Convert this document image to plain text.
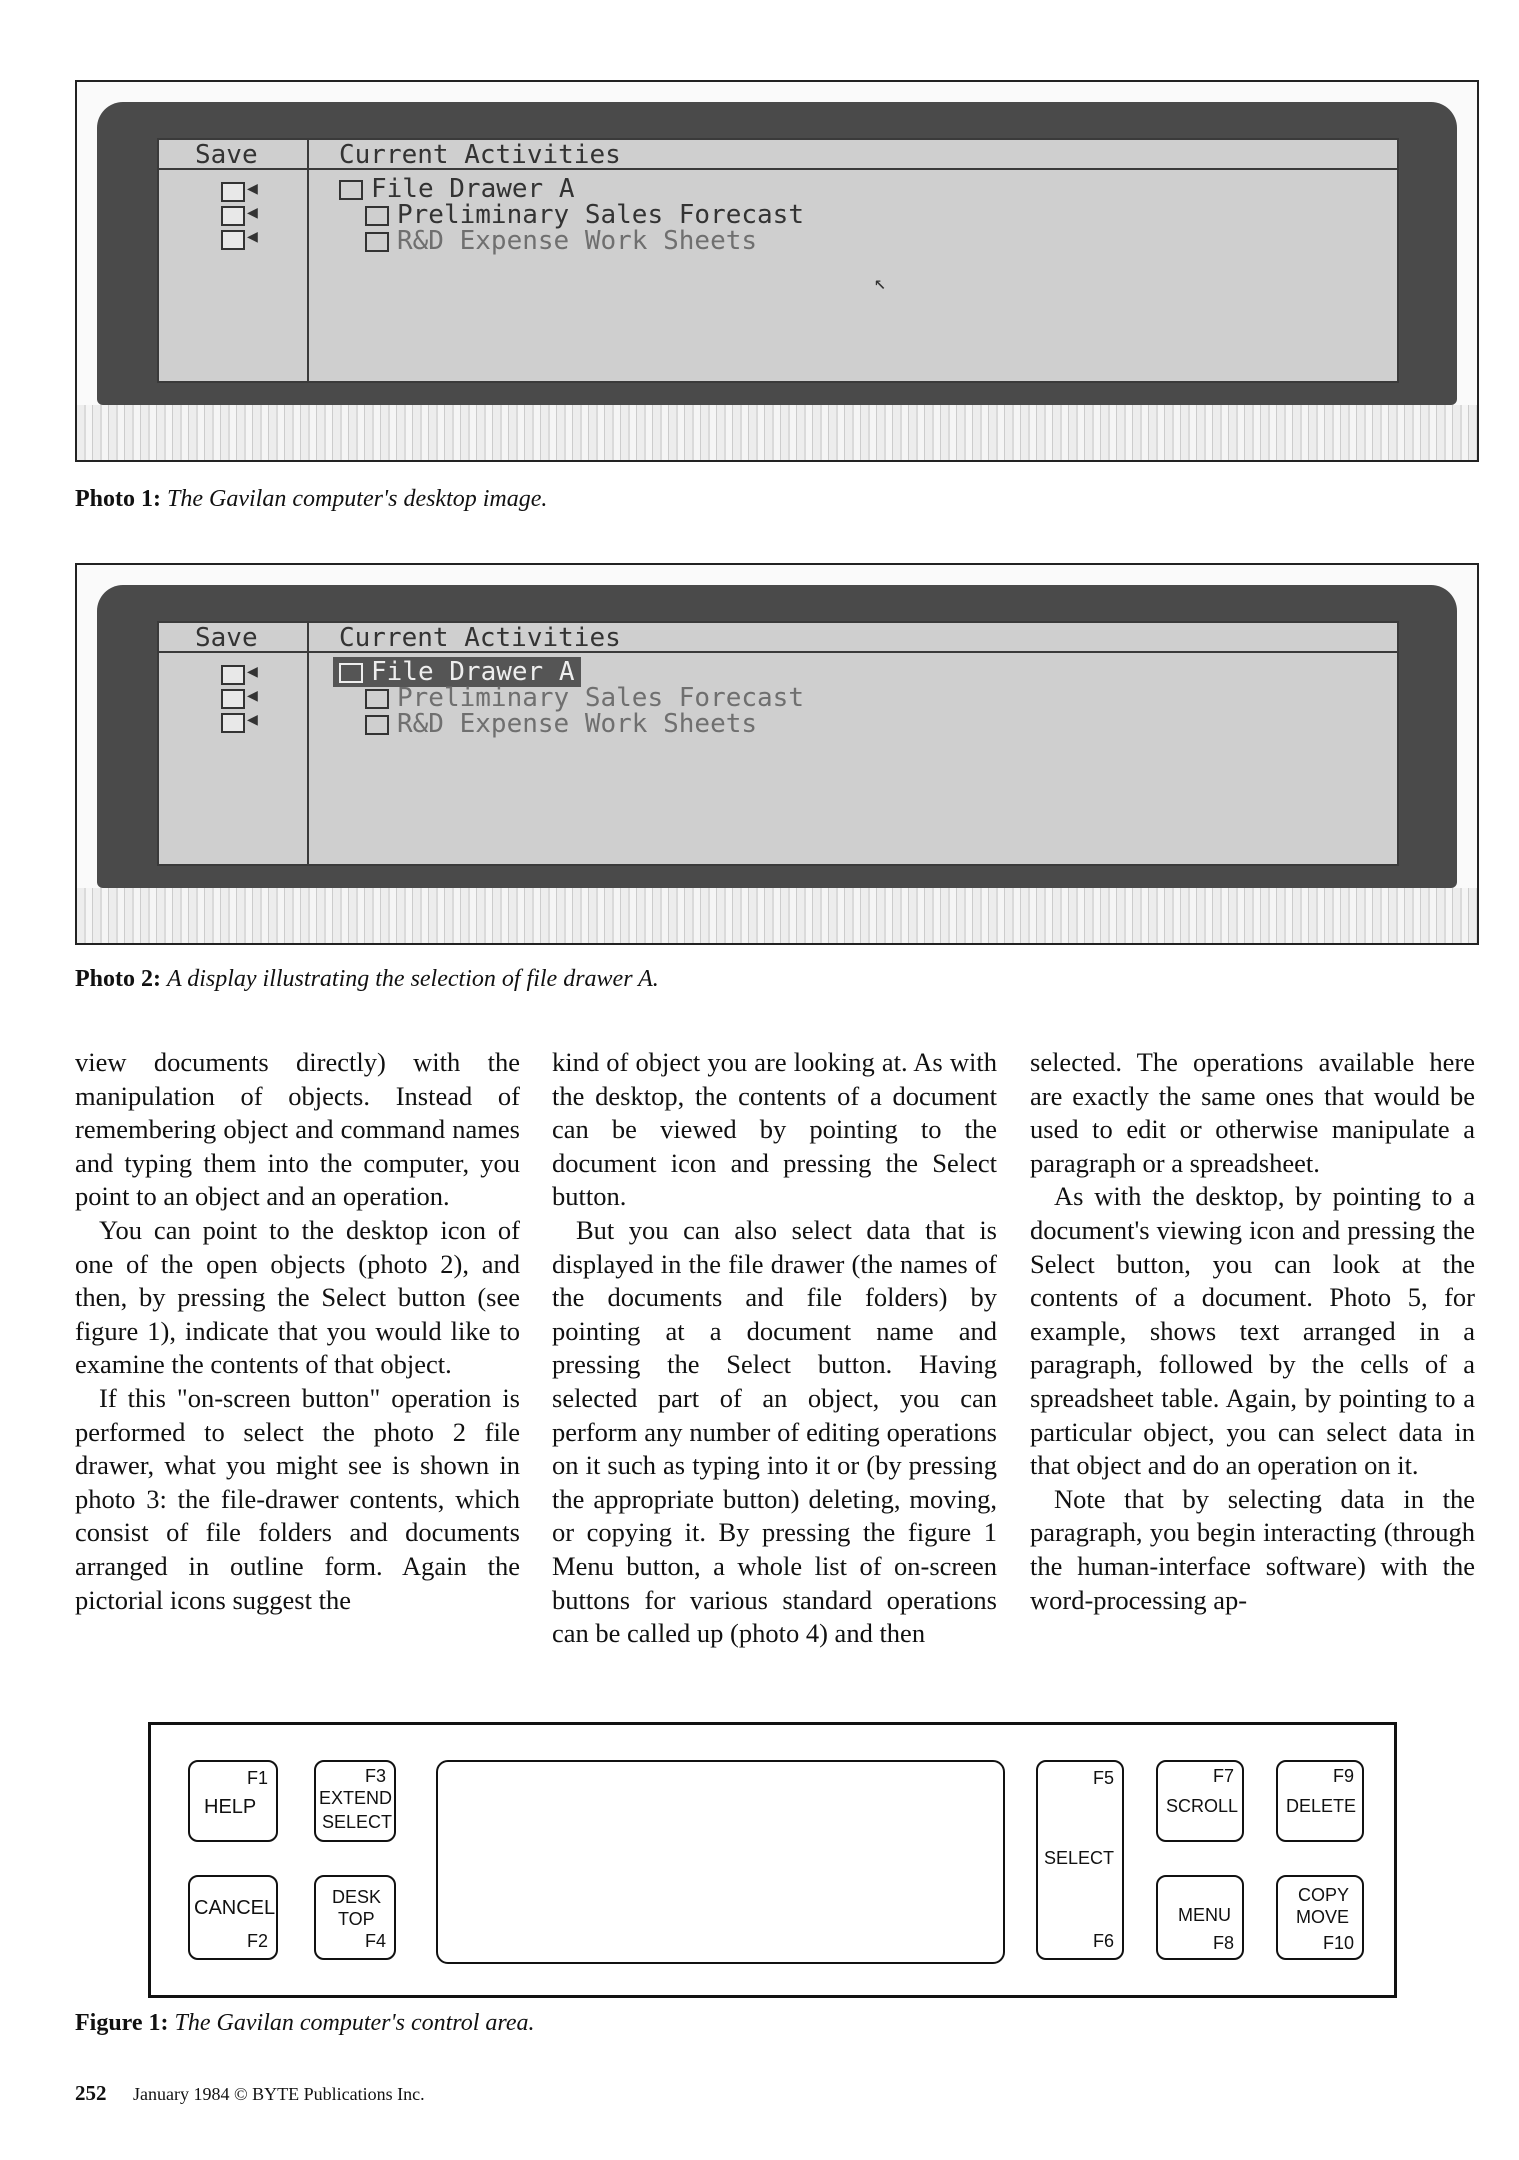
Save	Current Activities
◀
◀
◀
File Drawer A
Preliminary Sales Forecast
R&D Expense Work Sheets
↖
Photo 1: The Gavilan computer's desktop image.
Save	Current Activities
◀
◀
◀
File Drawer A
Preliminary Sales Forecast
R&D Expense Work Sheets
Photo 2: A display illustrating the selection of file drawer A.

view documents directly) with the manipulation of objects. Instead of remembering object and command names and typing them into the computer, you point to an object and an operation.

You can point to the desktop icon of one of the open objects (photo 2), and then, by pressing the Select button (see figure 1), indicate that you would like to examine the contents of that object.

If this "on-screen button" operation is performed to select the photo 2 file drawer, what you might see is shown in photo 3: the file-drawer contents, which consist of file folders and documents arranged in outline form. Again the pictorial icons suggest the

kind of object you are looking at. As with the desktop, the contents of a document can be viewed by pointing to the document icon and pressing the Select button.

But you can also select data that is displayed in the file drawer (the names of the documents and file folders) by pointing at a document name and pressing the Select button. Having selected part of an object, you can perform any number of editing operations on it such as typing into it or (by pressing the appropriate button) deleting, moving, or copying it. By pressing the figure 1 Menu button, a whole list of on-screen buttons for various standard operations can be called up (photo 4) and then

selected. The operations available here are exactly the same ones that would be used to edit or otherwise manipulate a paragraph or a spreadsheet.

As with the desktop, by pointing to a document's viewing icon and pressing the Select button, you can look at the contents of a document. Photo 5, for example, shows text arranged in a paragraph, followed by the cells of a spreadsheet table. Again, by pointing to a particular object, you can select data in that object and do an operation on it.

Note that by selecting data in the paragraph, you begin interacting (through the human-interface software) with the word-processing ap-

F1
HELP
CANCEL
F2
F3
EXTEND
SELECT
DESK
TOP
F4
F5
SELECT
F6
F7
SCROLL
MENU
F8
F9
DELETE
COPY
MOVE
F10
Figure 1: The Gavilan computer's control area.
252 January 1984 © BYTE Publications Inc.
